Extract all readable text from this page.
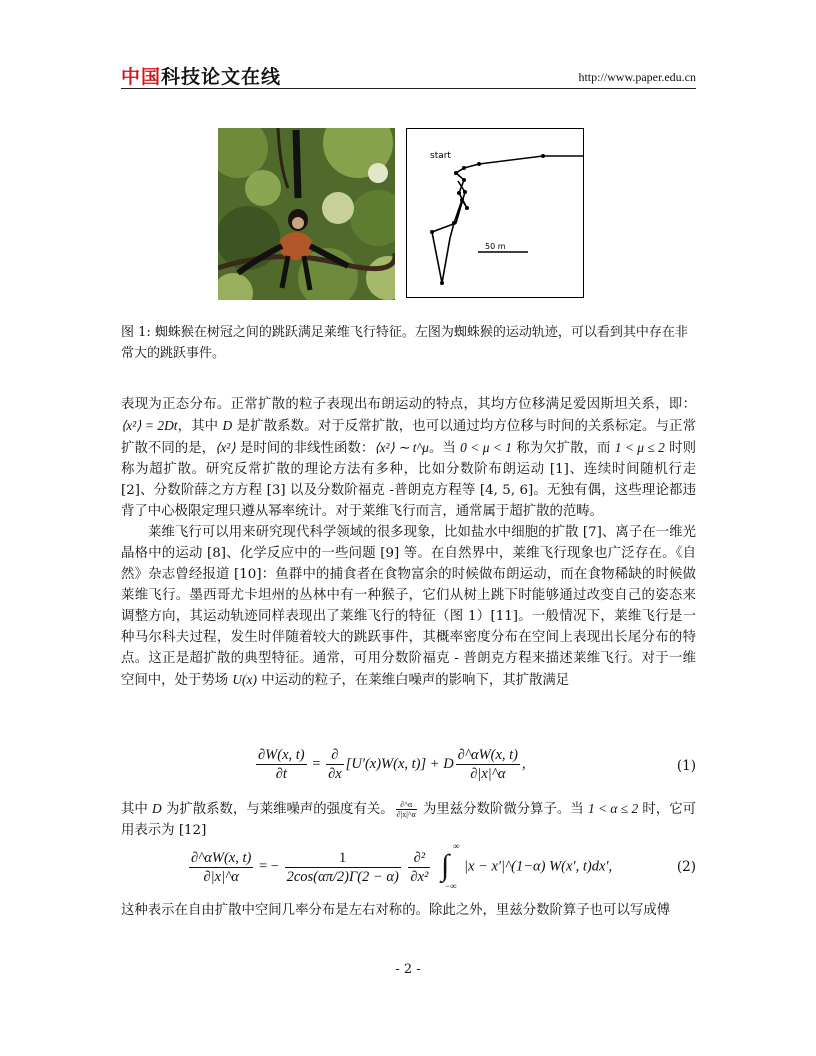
中国科技论文在线	http://www.paper.edu.cn
start
50 m
图 1: 蜘蛛猴在树冠之间的跳跃满足莱维飞行特征。左图为蜘蛛猴的运动轨迹，可以看到其中存在非常大的跳跃事件。

表现为正态分布。正常扩散的粒子表现出布朗运动的特点，其均方位移满足爱因斯坦关系，即：⟨x²⟩ = 2Dt，其中 D 是扩散系数。对于反常扩散，也可以通过均方位移与时间的关系标定。与正常扩散不同的是，⟨x²⟩ 是时间的非线性函数：⟨x²⟩ ∼ t^μ。当 0 < μ < 1 称为欠扩散，而 1 < μ ≤ 2 时则称为超扩散。研究反常扩散的理论方法有多种，比如分数阶布朗运动 [1]、连续时间随机行走 [2]、分数阶薛之方方程 [3] 以及分数阶福克 -普朗克方程等 [4, 5, 6]。无独有偶，这些理论都违背了中心极限定理只遵从幂率统计。对于莱维飞行而言，通常属于超扩散的范畴。

莱维飞行可以用来研究现代科学领域的很多现象，比如盐水中细胞的扩散 [7]、离子在一维光晶格中的运动 [8]、化学反应中的一些问题 [9] 等。在自然界中，莱维飞行现象也广泛存在。《自然》杂志曾经报道 [10]：鱼群中的捕食者在食物富余的时候做布朗运动，而在食物稀缺的时候做莱维飞行。墨西哥尤卡坦州的丛林中有一种猴子，它们从树上跳下时能够通过改变自己的姿态来调整方向，其运动轨迹同样表现出了莱维飞行的特征（图 1）[11]。一般情况下，莱维飞行是一种马尔科夫过程，发生时伴随着较大的跳跃事件，其概率密度分布在空间上表现出长尾分布的特点。这正是超扩散的典型特征。通常，可用分数阶福克 - 普朗克方程来描述莱维飞行。对于一维空间中，处于势场 U(x) 中运动的粒子，在莱维白噪声的影响下，其扩散满足

$\frac{\partial W(x, t)}{\partial t} = \frac{\partial}{\partial x} [U'(x)W(x$, t)] + D $\frac{\partial\^{}\alpha W(x, t)}{\partial|x|\^{}\alpha}$ ,	(1)

其中 D 为扩散系数，与莱维噪声的强度有关。 $\frac{\partial\^{}\alpha}{\partial|x|\^{}\alpha}$ 为里兹分数阶微分算子。当 1 < α ≤ 2 时，它可用表示为 [12]

$\frac{\partial\^{}\alpha W(x, t)}{\partial|x|\^{}\alpha}$ = − $\frac{1}{2\cos(\alpha\pi/2)\Gamma(2 - \alpha)}$
$\frac{\text{∂²}}{\text{∂x²}}$
∫
∞
−∞
|x − x′|^(1−α) W(x′, t)dx′,	(2)

这种表示在自由扩散中空间几率分布是左右对称的。除此之外，里兹分数阶算子也可以写成傅

- 2 -
